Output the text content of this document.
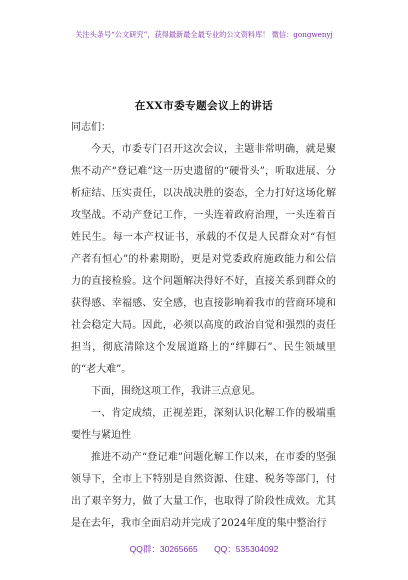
关注头条号“公文研究”，获得最新最全最专业的公文资料库！ 微信：gongwenyj
在XX市委专题会议上的讲话

同志们：

今天，市委专门召开这次会议，主题非常明确，就是聚焦不动产“登记难”这一历史遗留的“硬骨头”，听取进展、分析症结、压实责任，以决战决胜的姿态，全力打好这场化解攻坚战。不动产登记工作，一头连着政府治理，一头连着百姓民生。每一本产权证书，承载的不仅是人民群众对“有恒产者有恒心”的朴素期盼，更是对党委政府施政能力和公信力的直接检验。这个问题解决得好不好，直接关系到群众的获得感、幸福感、安全感，也直接影响着我市的营商环境和社会稳定大局。因此，必须以高度的政治自觉和强烈的责任担当，彻底清除这个发展道路上的“绊脚石”、民生领域里的“老大难”。

下面，围绕这项工作，我讲三点意见。

一、肯定成绩，正视差距，深刻认识化解工作的极端重要性与紧迫性

推进不动产“登记难”问题化解工作以来，在市委的坚强领导下，全市上下特别是自然资源、住建、税务等部门，付出了艰辛努力，做了大量工作，也取得了阶段性成效。尤其是在去年，我市全面启动并完成了2024年度的集中整治行

QQ群：30265665 QQ：535304092
